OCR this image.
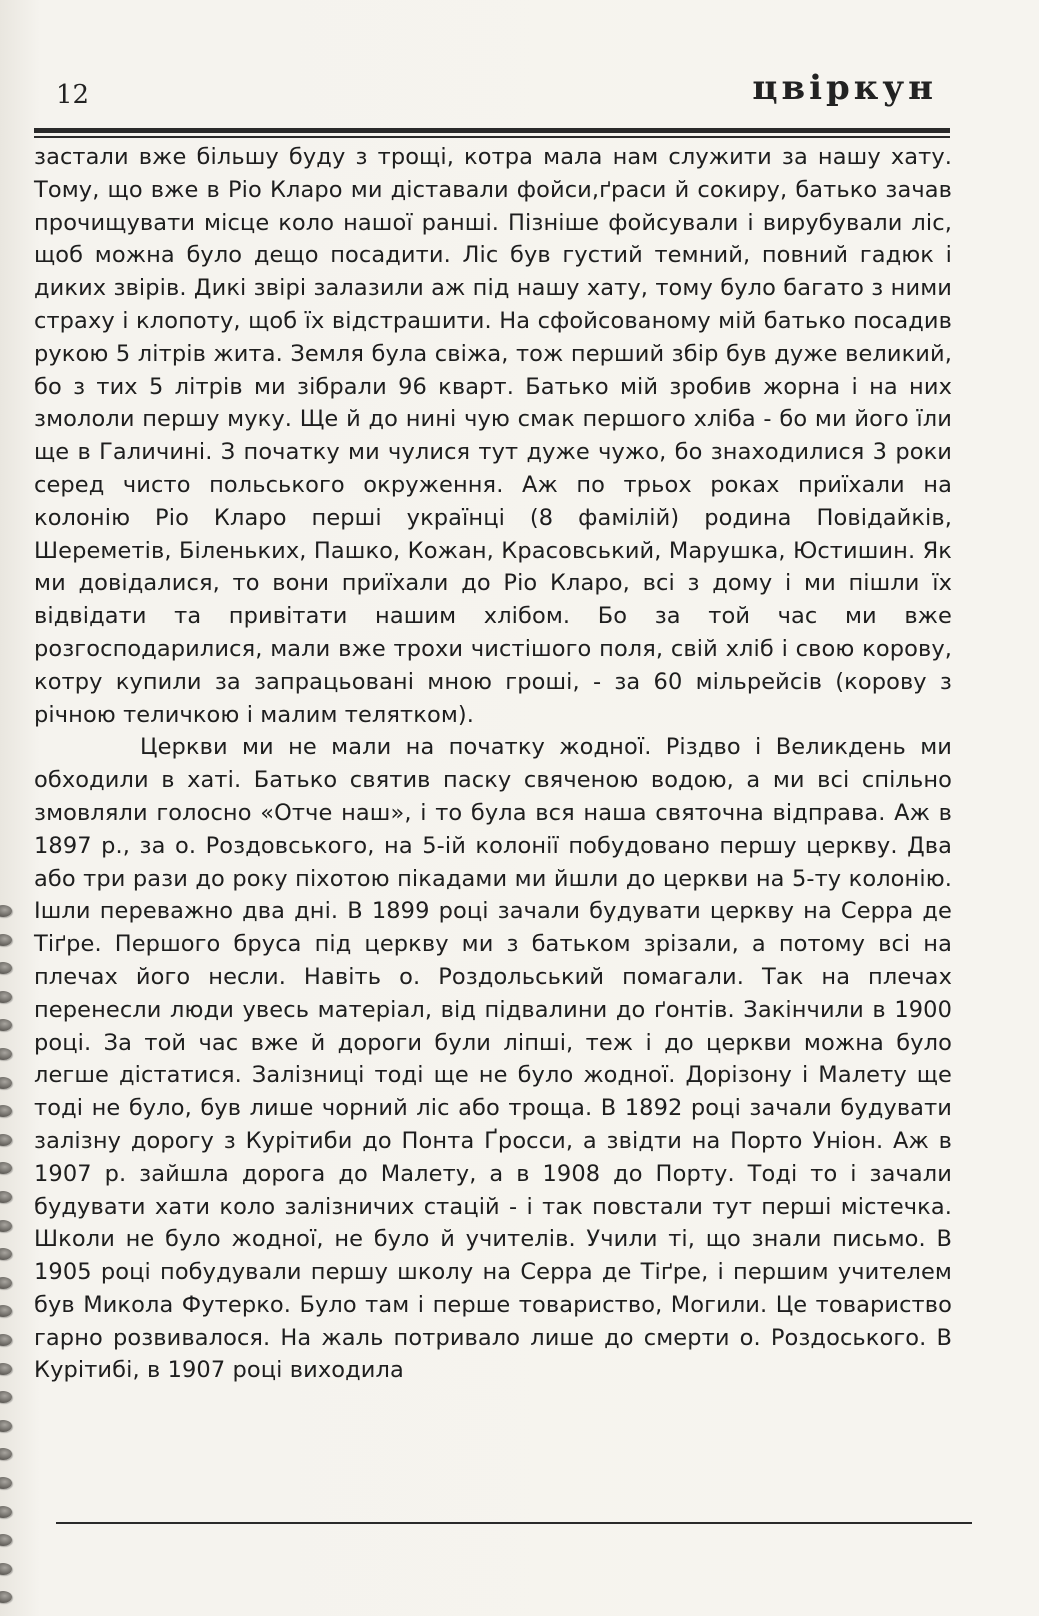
12	цвіркун

застали вже більшу буду з трощі, котра мала нам служити за нашу хату. Тому, що вже в Ріо Кларо ми діставали фойси,ґраси й сокиру, батько зачав прочищувати місце коло нашої ранші. Пізніше фойсували і вирубували ліс, щоб можна було дещо посадити. Ліс був густий темний, повний гадюк і диких звірів. Дикі звірі залазили аж під нашу хату, тому було багато з ними страху і клопоту, щоб їх відстрашити. На сфойсованому мій батько посадив рукою 5 літрів жита. Земля була свіжа, тож перший збір був дуже великий, бо з тих 5 літрів ми зібрали 96 кварт. Батько мій зробив жорна і на них змололи першу муку. Ще й до нині чую смак першого хліба - бо ми його їли ще в Галичині. З початку ми чулися тут дуже чужо, бо знаходилися 3 роки серед чисто польського окруження. Аж по трьох роках приїхали на колонію Ріо Кларо перші українці (8 фамілій) родина Повідайків, Шереметів, Біленьких, Пашко, Кожан, Красовський, Марушка, Юстишин. Як ми довідалися, то вони приїхали до Ріо Кларо, всі з дому і ми пішли їх відвідати та привітати нашим хлібом. Бо за той час ми вже розгосподарилися, мали вже трохи чистішого поля, свій хліб і свою корову, котру купили за запрацьовані мною гроші, - за 60 мільрейсів (корову з річною теличкою і малим телятком).

Церкви ми не мали на початку жодної. Різдво і Великдень ми обходили в хаті. Батько святив паску свяченою водою, а ми всі спільно змовляли голосно «Отче наш», і то була вся наша святочна відправа. Аж в 1897 р., за о. Роздовського, на 5-ій колонії побудовано першу церкву. Два або три рази до року піхотою пікадами ми йшли до церкви на 5-ту колонію. Ішли переважно два дні. В 1899 році зачали будувати церкву на Серра де Тіґре. Першого бруса під церкву ми з батьком зрізали, а потому всі на плечах його несли. Навіть о. Роздольський помагали. Так на плечах перенесли люди увесь матеріал, від підвалини до ґонтів. Закінчили в 1900 році. За той час вже й дороги були ліпші, теж і до церкви можна було легше дістатися. Залізниці тоді ще не було жодної. Дорізону і Малету ще тоді не було, був лише чорний ліс або троща. В 1892 році зачали будувати залізну дорогу з Курітиби до Понта Ґросси, а звідти на Порто Уніон. Аж в 1907 р. зайшла дорога до Малету, а в 1908 до Порту. Тоді то і зачали будувати хати коло залізничих стацій - і так повстали тут перші містечка. Школи не було жодної, не було й учителів. Учили ті, що знали письмо. В 1905 році побудували першу школу на Серра де Тіґре, і першим учителем був Микола Футерко. Було там і перше товариство, Могили. Це товариство гарно розвивалося. На жаль потривало лише до смерти о. Роздоського. В Курітибі, в 1907 році виходила
